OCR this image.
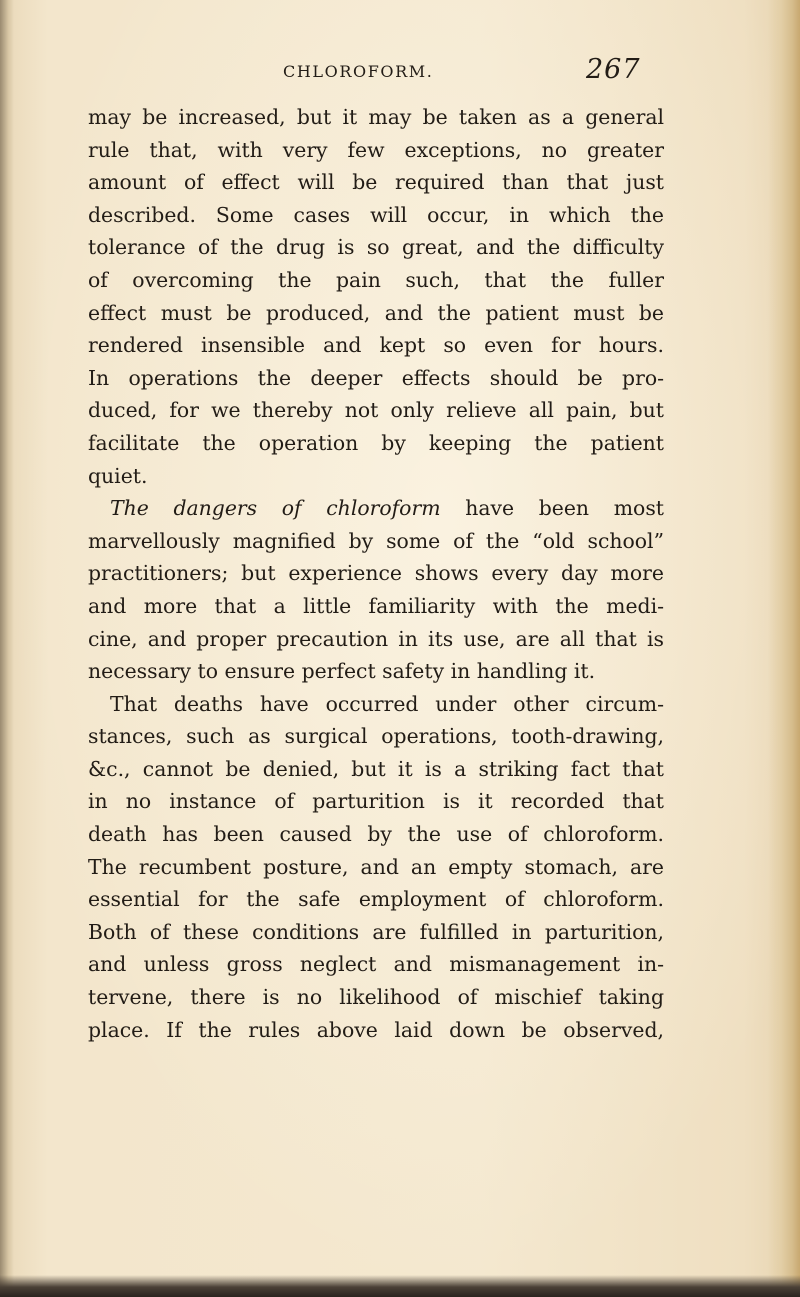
CHLOROFORM.	267
may be increased, but it may be taken as a general
rule that, with very few exceptions, no greater
amount of effect will be required than that just
described. Some cases will occur, in which the
tolerance of the drug is so great, and the difficulty
of overcoming the pain such, that the fuller
effect must be produced, and the patient must be
rendered insensible and kept so even for hours.
In operations the deeper effects should be pro-
duced, for we thereby not only relieve all pain, but
facilitate the operation by keeping the patient
quiet.
The dangers of chloroform have been most
marvellously magnified by some of the “old school”
practitioners; but experience shows every day more
and more that a little familiarity with the medi-
cine, and proper precaution in its use, are all that is
necessary to ensure perfect safety in handling it.
That deaths have occurred under other circum-
stances, such as surgical operations, tooth-drawing,
&c., cannot be denied, but it is a striking fact that
in no instance of parturition is it recorded that
death has been caused by the use of chloroform.
The recumbent posture, and an empty stomach, are
essential for the safe employment of chloroform.
Both of these conditions are fulfilled in parturition,
and unless gross neglect and mismanagement in-
tervene, there is no likelihood of mischief taking
place. If the rules above laid down be observed,
